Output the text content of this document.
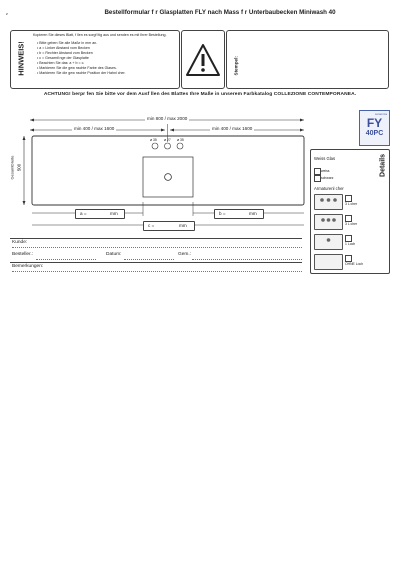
z	Bestellformular f r Glasplatten FLY nach Mass f r Unterbaubecken Miniwash 40
HINWEIS!
Kopieren Sie dieses Blatt, f llen es sorgf ltig aus und senden es mit Ihrer Bestellung.
• Bitte geben Sie alle Maße in mm an.
• a = Linker Abstand vom Becken
• b = Rechter Abstand vom Becken
• c = Gesamtl nge der Glasplatte
• Beachten Sie das: a + b = c.
• Markieren Sie die gew nschte Farbe des Glases.
• Markieren Sie die gew nschte Position der Hahnl cher.	Stempel:
ACHTUNG! berpr fen Sie bitte vor dem Ausf llen des Blattes Ihre Maße in unserem Farbkatalog COLLEZIONE CONTEMPORANEA.
ceramica
FY
40PC
min 800 / max 2000
min 400 / max 1600	min 400 / max 1600
ø 35 ø 27 ø 35
Gesamtbreite 500
a =	mm	b =	mm
c =	mm
Details
Weiss Glas
weiss
schwarz
Armaturenl cher
3 L cher
3 L cher
1 Loch
OHNE Loch
Kunde:
Besteller.:	Datum:	Gem.:
Bemerkungen:
